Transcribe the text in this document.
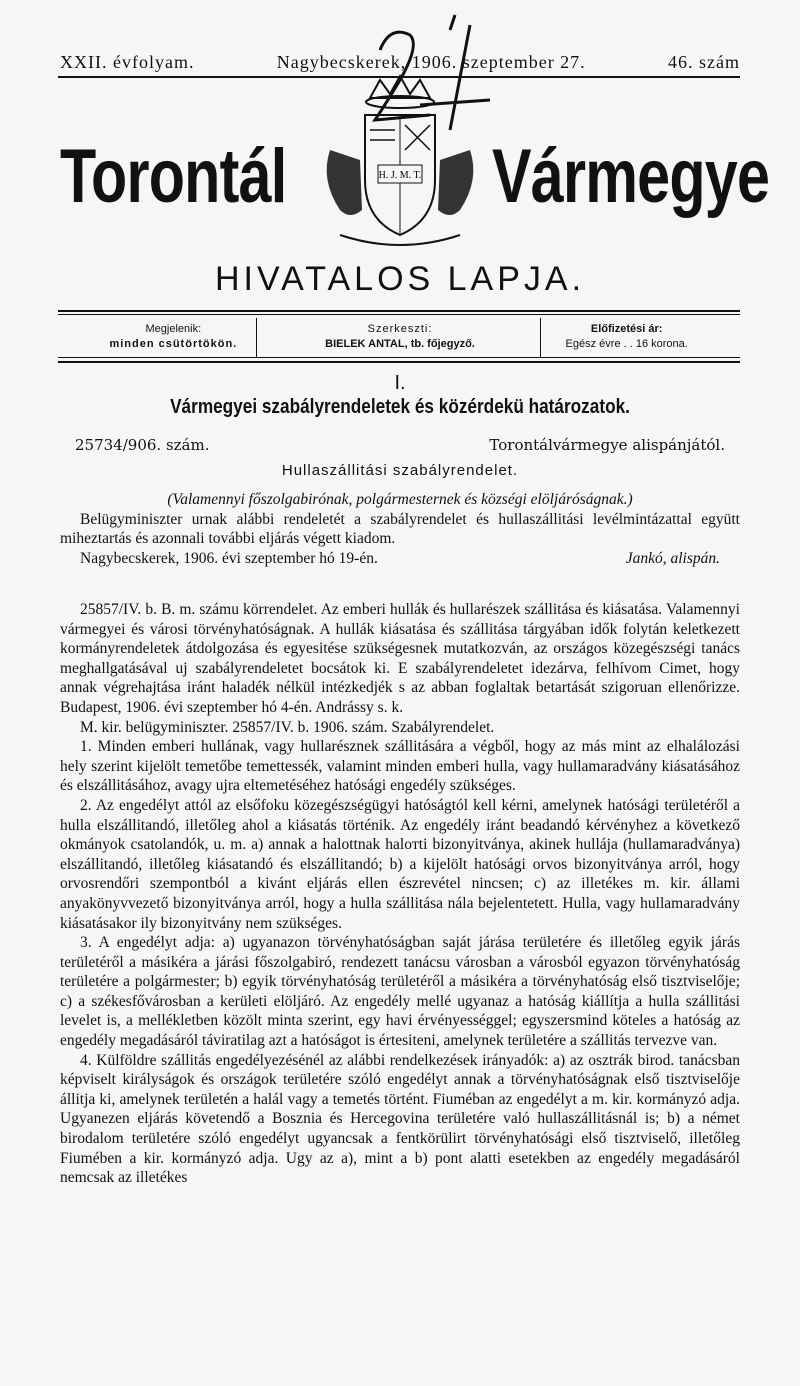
XXII. évfolyam.	Nagybecskerek, 1906. szeptember 27.	46. szám
H. J. M. T.
Torontál	Vármegye
HIVATALOS LAPJA.
Megjelenik:
minden csütörtökön.
Szerkeszti:
BIELEK ANTAL, tb. főjegyző.
Előfizetési ár:
Egész évre . . 16 korona.
I.
Vármegyei szabályrendeletek és közérdekü határozatok.
25734/906. szám.	Torontálvármegye alispánjától.
Hullaszállitási szabályrendelet.

(Valamennyi főszolgabirónak, polgármesternek és községi elöljáróságnak.)

Belügyminiszter urnak alábbi rendeletét a szabályrendelet és hullaszállitási levélmintázattal együtt miheztartás és azonnali további eljárás végett kiadom.

Nagybecskerek, 1906. évi szeptember hó 19-én.	Jankó, alispán.

25857/IV. b. B. m. számu körrendelet. Az emberi hullák és hullarészek szállitása és kiásatása. Valamennyi vármegyei és városi törvényhatóságnak. A hullák kiásatása és szállitása tárgyában idők folytán keletkezett kormányrendeletek átdolgozása és egyesitése szükségesnek mutatkozván, az országos közegészségi tanács meghallgatásával uj szabályrendeletet bocsátok ki. E szabályrendeletet idezárva, felhívom Cimet, hogy annak végrehajtása iránt haladék nélkül intézkedjék s az abban foglaltak betartását szigoruan ellenőrizze. Budapest, 1906. évi szeptember hó 4-én. Andrássy s. k.

M. kir. belügyminiszter. 25857/IV. b. 1906. szám. Szabályrendelet.

1. Minden emberi hullának, vagy hullarésznek szállitására a végből, hogy az más mint az elhalálozási hely szerint kijelölt temetőbe temettessék, valamint minden emberi hulla, vagy hullamaradvány kiásatásához és elszállitásához, avagy ujra eltemetéséhez hatósági engedély szükséges.

2. Az engedélyt attól az elsőfoku közegészségügyi hatóságtól kell kérni, amelynek hatósági területéről a hulla elszállitandó, illetőleg ahol a kiásatás történik. Az engedély iránt beadandó kérvényhez a következő okmányok csatolandók, u. m. a) annak a halottnak haloтti bizonyitványa, akinek hullája (hullamaradványa) elszállitandó, illetőleg kiásatandó és elszállitandó; b) a kijelölt hatósági orvos bizonyitványa arról, hogy orvosrendőri szempontból a kivánt eljárás ellen észrevétel nincsen; c) az illetékes m. kir. állami anyakönyvvezető bizonyitványa arról, hogy a hulla szállitása nála bejelentetett. Hulla, vagy hullamaradvány kiásatásakor ily bizonyitvány nem szükséges.

3. A engedélyt adja: a) ugyanazon törvényhatóságban saját járása területére és illetőleg egyik járás területéről a másikéra a járási főszolgabiró, rendezett tanácsu városban a városból egyazon törvényhatóság területére a polgármester; b) egyik törvényhatóság területéről a másikéra a törvényhatóság első tisztviselője; c) a székesfővárosban a kerületi elöljáró. Az engedély mellé ugyanaz a hatóság kiállítja a hulla szállitási levelet is, a mellékletben közölt minta szerint, egy havi érvényességgel; egyszersmind köteles a hatóság az engedély megadásáról táviratilag azt a hatóságot is értesiteni, amelynek területére a szállitás tervezve van.

4. Külföldre szállitás engedélyezésénél az alábbi rendelkezések irányadók: a) az osztrák birod. tanácsban képviselt királyságok és országok területére szóló engedélyt annak a törvényhatóságnak első tisztviselője állitja ki, amelynek területén a halál vagy a temetés történt. Fiuméban az engedélyt a m. kir. kormányzó adja. Ugyanezen eljárás követendő a Bosznia és Hercegovina területére való hullaszállitásnál is; b) a német birodalom területére szóló engedélyt ugyancsak a fentkörülirt törvényhatósági első tisztviselő, illetőleg Fiumében a kir. kormányzó adja. Ugy az a), mint a b) pont alatti esetekben az engedély megadásáról nemcsak az illetékes
